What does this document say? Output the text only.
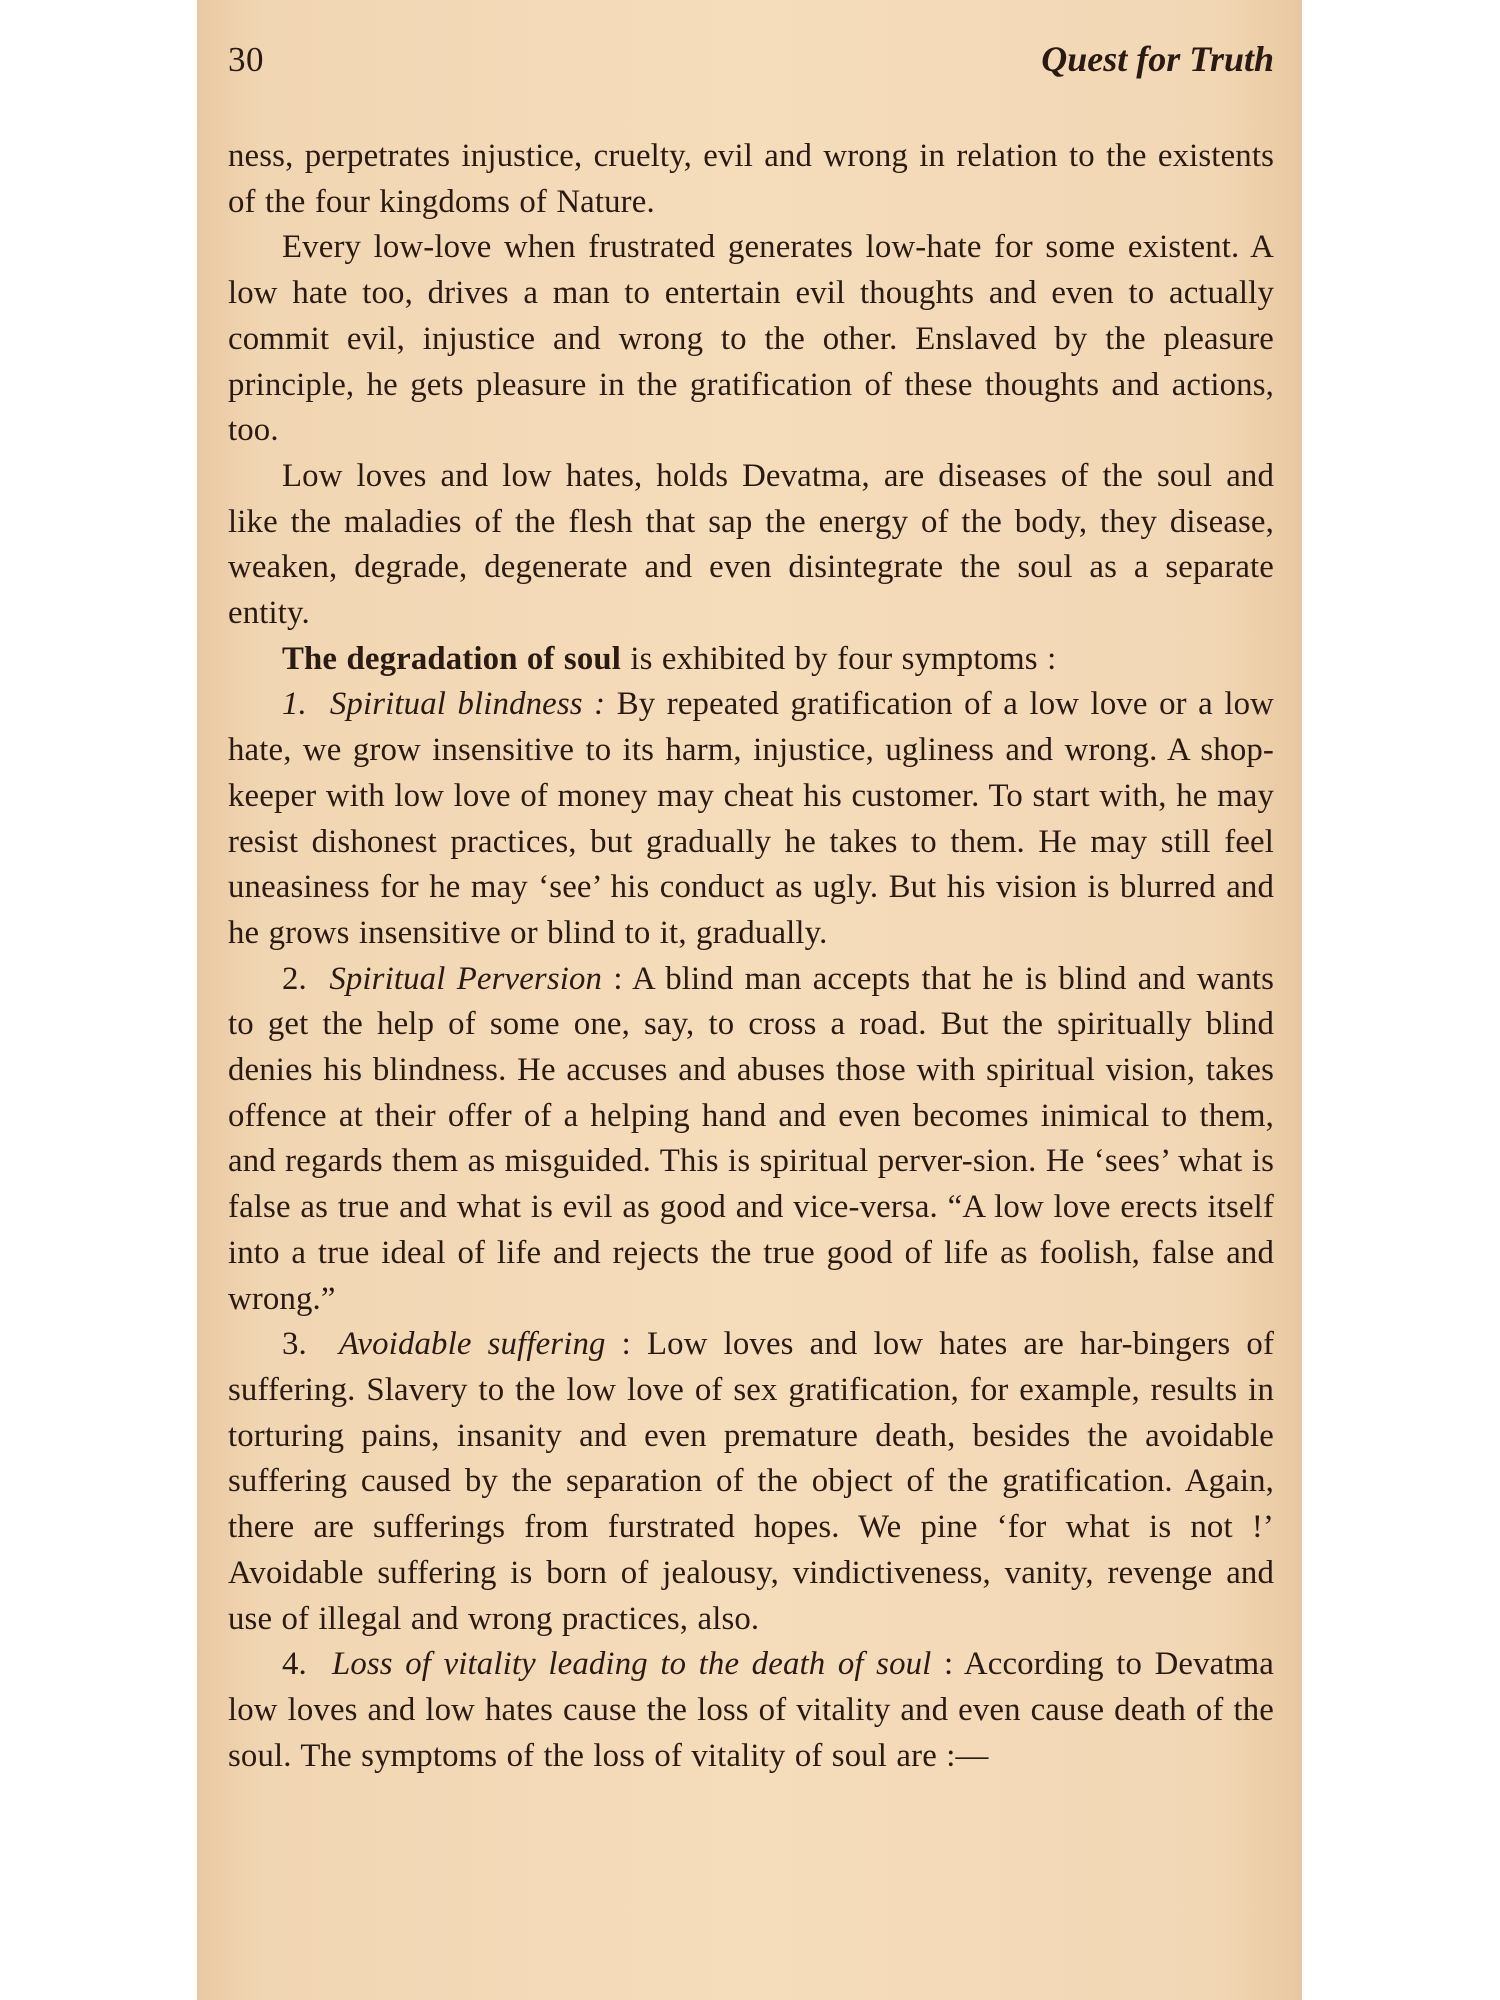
30	Quest for Truth

ness, perpetrates injustice, cruelty, evil and wrong in relation to the existents of the four kingdoms of Nature.

Every low-love when frustrated generates low-hate for some existent. A low hate too, drives a man to entertain evil thoughts and even to actually commit evil, injustice and wrong to the other. Enslaved by the pleasure principle, he gets pleasure in the gratification of these thoughts and actions, too.

Low loves and low hates, holds Devatma, are diseases of the soul and like the maladies of the flesh that sap the energy of the body, they disease, weaken, degrade, degenerate and even disintegrate the soul as a separate entity.

The degradation of soul is exhibited by four symptoms :

1. Spiritual blindness : By repeated gratification of a low love or a low hate, we grow insensitive to its harm, injustice, ugliness and wrong. A shop-keeper with low love of money may cheat his customer. To start with, he may resist dishonest practices, but gradually he takes to them. He may still feel uneasiness for he may ‘see’ his conduct as ugly. But his vision is blurred and he grows insensitive or blind to it, gradually.

2. Spiritual Perversion : A blind man accepts that he is blind and wants to get the help of some one, say, to cross a road. But the spiritually blind denies his blindness. He accuses and abuses those with spiritual vision, takes offence at their offer of a helping hand and even becomes inimical to them, and regards them as misguided. This is spiritual perver-sion. He ‘sees’ what is false as true and what is evil as good and vice-versa. “A low love erects itself into a true ideal of life and rejects the true good of life as foolish, false and wrong.”

3. Avoidable suffering : Low loves and low hates are har-bingers of suffering. Slavery to the low love of sex gratification, for example, results in torturing pains, insanity and even premature death, besides the avoidable suffering caused by the separation of the object of the gratification. Again, there are sufferings from furstrated hopes. We pine ‘for what is not !’ Avoidable suffering is born of jealousy, vindictiveness, vanity, revenge and use of illegal and wrong practices, also.

4. Loss of vitality leading to the death of soul : According to Devatma low loves and low hates cause the loss of vitality and even cause death of the soul. The symptoms of the loss of vitality of soul are :—
